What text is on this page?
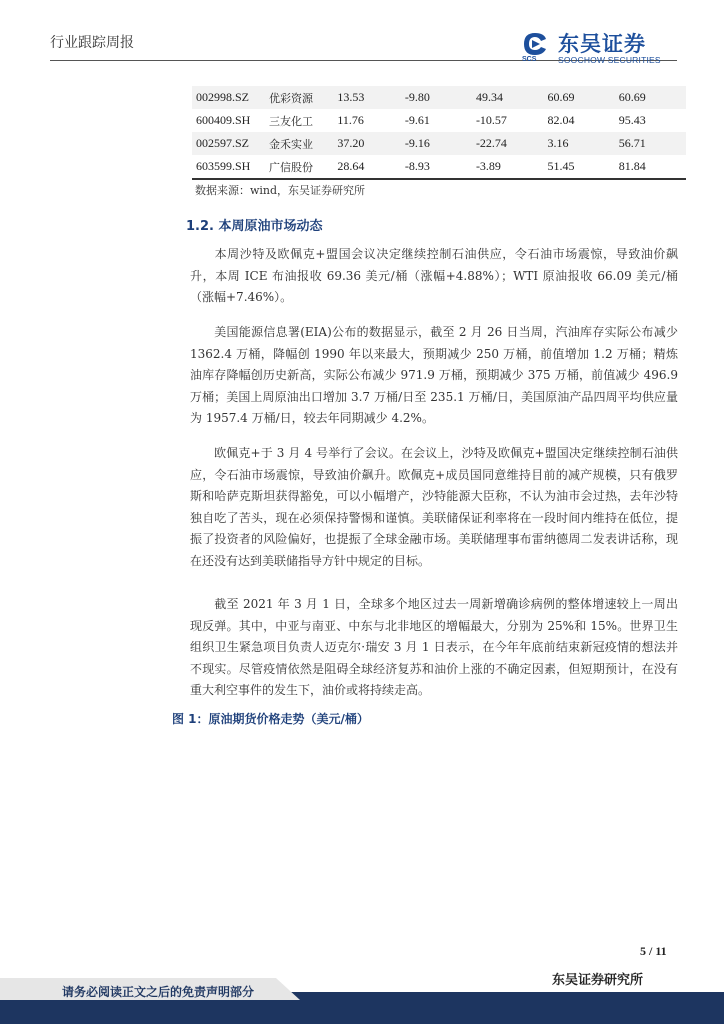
行业跟踪周报
SCS
东吴证券
SOOCHOW SECURITIES
002998.SZ	优彩资源	13.53	-9.80	49.34	60.69	60.69
600409.SH	三友化工	11.76	-9.61	-10.57	82.04	95.43
002597.SZ	金禾实业	37.20	-9.16	-22.74	3.16	56.71
603599.SH	广信股份	28.64	-8.93	-3.89	51.45	81.84
数据来源：wind，东吴证券研究所
1.2. 本周原油市场动态
本周沙特及欧佩克+盟国会议决定继续控制石油供应，令石油市场震惊，导致油价飙升，本周 ICE 布油报收 69.36 美元/桶（涨幅+4.88%）；WTI 原油报收 66.09 美元/桶（涨幅+7.46%）。
美国能源信息署(EIA)公布的数据显示，截至 2 月 26 日当周，汽油库存实际公布减少 1362.4 万桶，降幅创 1990 年以来最大，预期减少 250 万桶，前值增加 1.2 万桶；精炼油库存降幅创历史新高，实际公布减少 971.9 万桶，预期减少 375 万桶，前值减少 496.9 万桶；美国上周原油出口增加 3.7 万桶/日至 235.1 万桶/日，美国原油产品四周平均供应量为 1957.4 万桶/日，较去年同期减少 4.2%。
欧佩克+于 3 月 4 号举行了会议。在会议上，沙特及欧佩克+盟国决定继续控制石油供应，令石油市场震惊，导致油价飙升。欧佩克+成员国同意维持目前的减产规模，只有俄罗斯和哈萨克斯坦获得豁免，可以小幅增产，沙特能源大臣称，不认为油市会过热，去年沙特独自吃了苦头，现在必须保持警惕和谨慎。美联储保证利率将在一段时间内维持在低位，提振了投资者的风险偏好，也提振了全球金融市场。美联储理事布雷纳德周二发表讲话称，现在还没有达到美联储指导方针中规定的目标。
截至 2021 年 3 月 1 日，全球多个地区过去一周新增确诊病例的整体增速较上一周出现反弹。其中，中亚与南亚、中东与北非地区的增幅最大，分别为 25%和 15%。世界卫生组织卫生紧急项目负责人迈克尔·瑞安 3 月 1 日表示，在今年年底前结束新冠疫情的想法并不现实。尽管疫情依然是阻碍全球经济复苏和油价上涨的不确定因素，但短期预计，在没有重大利空事件的发生下，油价或将持续走高。
图 1：原油期货价格走势（美元/桶）
5 / 11
东吴证券研究所
请务必阅读正文之后的免责声明部分
